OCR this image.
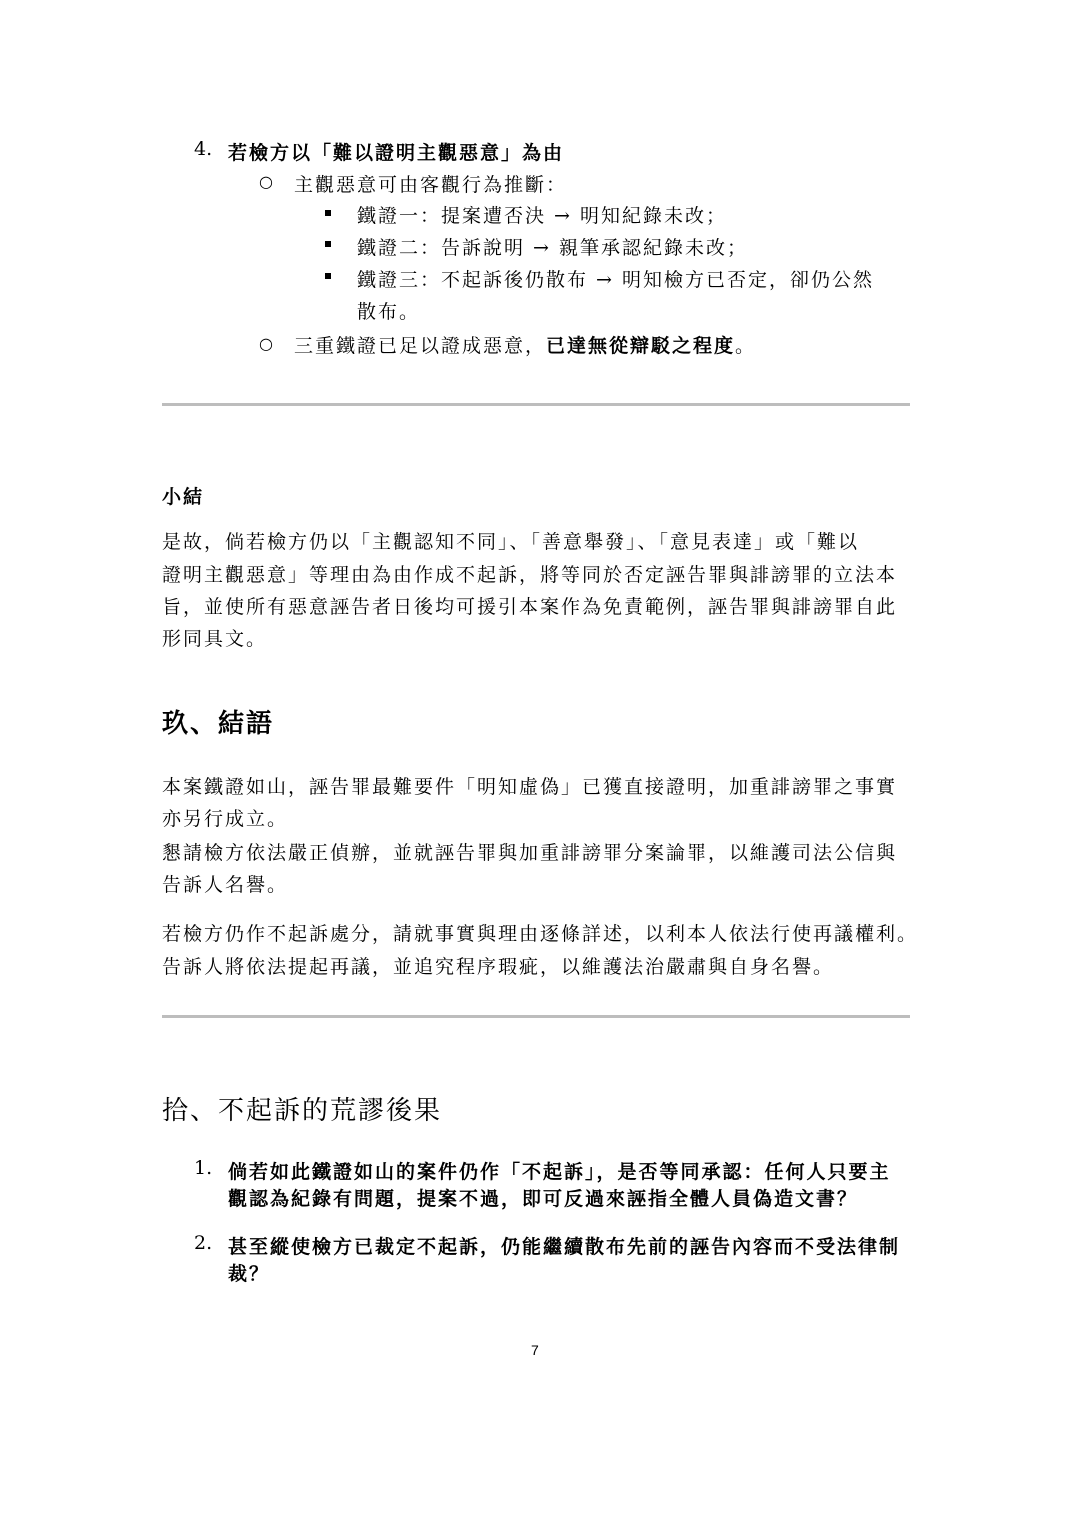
4. 若檢方以「難以證明主觀惡意」為由
○ 主觀惡意可由客觀行為推斷：
鐵證一：提案遭否決 → 明知紀錄未改；
鐵證二：告訴說明 → 親筆承認紀錄未改；
鐵證三：不起訴後仍散布 → 明知檢方已否定，卻仍公然
散布。
○ 三重鐵證已足以證成惡意，已達無從辯駁之程度。
小結
是故，倘若檢方仍以「主觀認知不同」、「善意舉發」、「意見表達」或「難以
證明主觀惡意」等理由為由作成不起訴，將等同於否定誣告罪與誹謗罪的立法本
旨，並使所有惡意誣告者日後均可援引本案作為免責範例，誣告罪與誹謗罪自此
形同具文。
玖、結語
本案鐵證如山，誣告罪最難要件「明知虛偽」已獲直接證明，加重誹謗罪之事實
亦另行成立。
懇請檢方依法嚴正偵辦，並就誣告罪與加重誹謗罪分案論罪，以維護司法公信與
告訴人名譽。
若檢方仍作不起訴處分，請就事實與理由逐條詳述，以利本人依法行使再議權利。
告訴人將依法提起再議，並追究程序瑕疵，以維護法治嚴肅與自身名譽。
拾、不起訴的荒謬後果
1. 倘若如此鐵證如山的案件仍作「不起訴」，是否等同承認：任何人只要主
觀認為紀錄有問題，提案不過，即可反過來誣指全體人員偽造文書？
2. 甚至縱使檢方已裁定不起訴，仍能繼續散布先前的誣告內容而不受法律制
裁？
7
